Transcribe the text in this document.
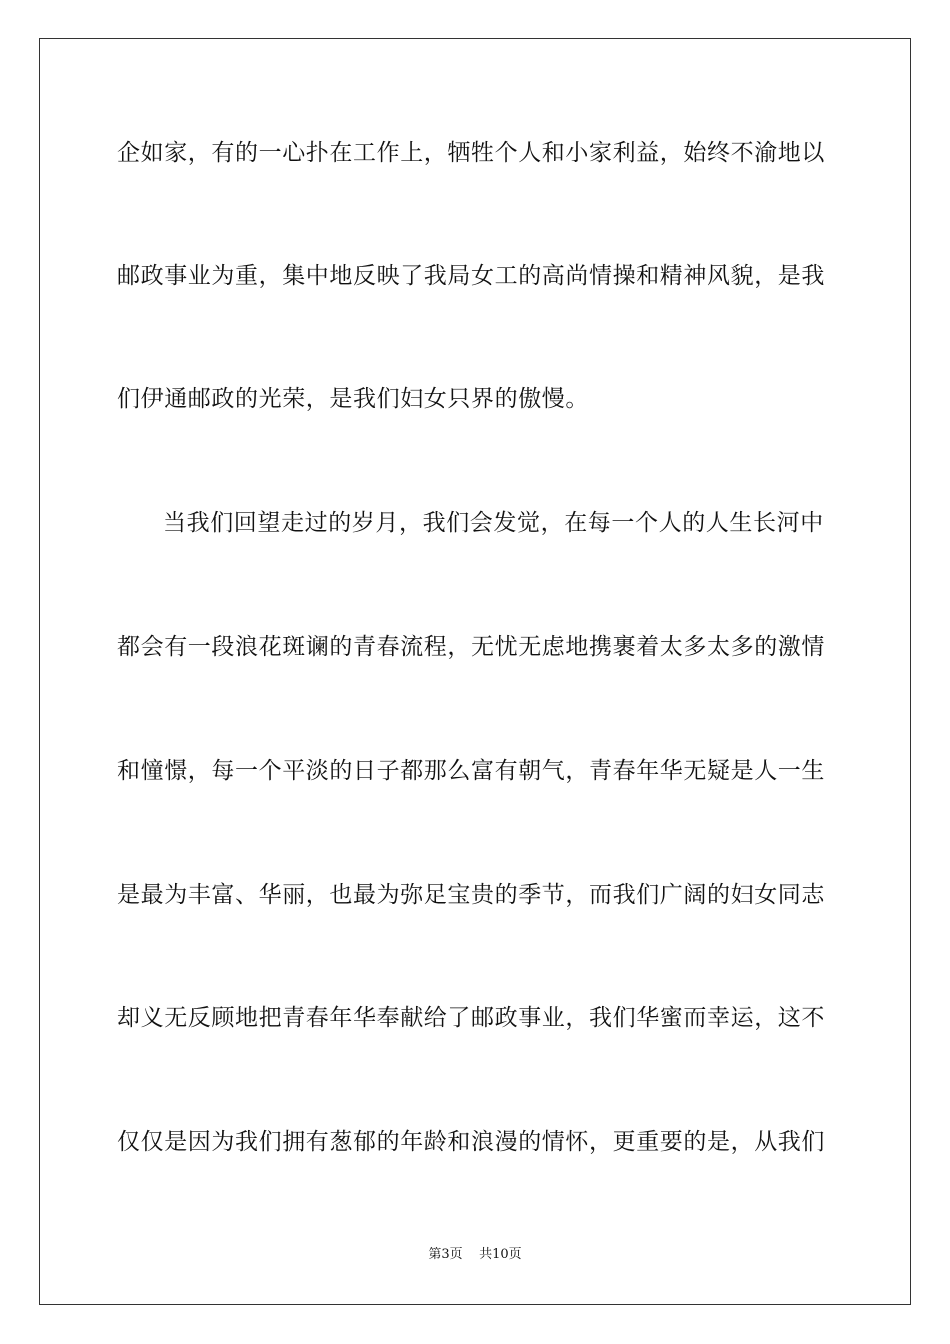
企如家，有的一心扑在工作上，牺牲个人和小家利益，始终不渝地以
邮政事业为重，集中地反映了我局女工的高尚情操和精神风貌，是我
们伊通邮政的光荣，是我们妇女只界的傲慢。
当我们回望走过的岁月，我们会发觉，在每一个人的人生长河中
都会有一段浪花斑谰的青春流程，无忧无虑地携裹着太多太多的激情
和憧憬，每一个平淡的日子都那么富有朝气，青春年华无疑是人一生
是最为丰富、华丽，也最为弥足宝贵的季节，而我们广阔的妇女同志
却义无反顾地把青春年华奉献给了邮政事业，我们华蜜而幸运，这不
仅仅是因为我们拥有葱郁的年龄和浪漫的情怀，更重要的是，从我们
第3页 共10页
